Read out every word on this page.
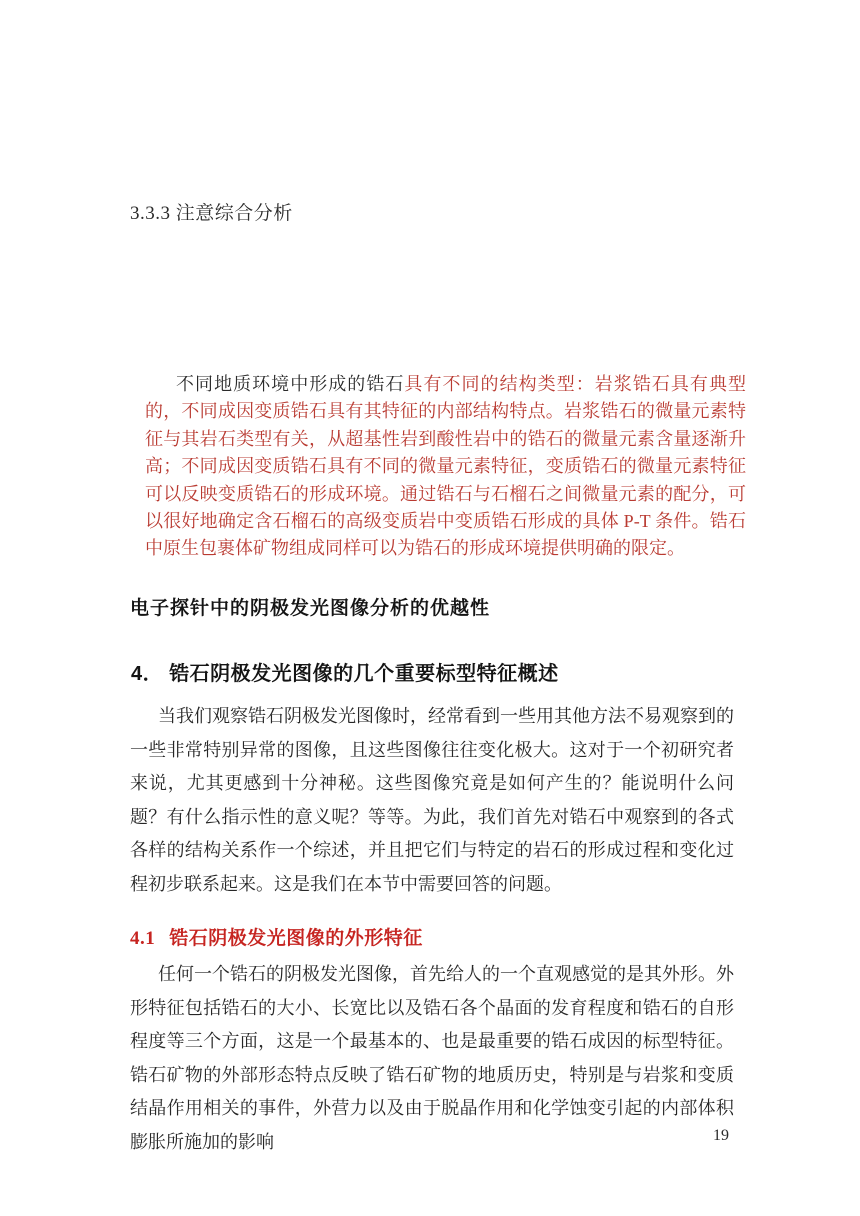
3.3.3 注意综合分析

不同地质环境中形成的锆石具有不同的结构类型：岩浆锆石具有典型的，不同成因变质锆石具有其特征的内部结构特点。岩浆锆石的微量元素特征与其岩石类型有关，从超基性岩到酸性岩中的锆石的微量元素含量逐渐升高；不同成因变质锆石具有不同的微量元素特征，变质锆石的微量元素特征可以反映变质锆石的形成环境。通过锆石与石榴石之间微量元素的配分，可以很好地确定含石榴石的高级变质岩中变质锆石形成的具体 P-T 条件。锆石中原生包裹体矿物组成同样可以为锆石的形成环境提供明确的限定。

电子探针中的阴极发光图像分析的优越性
4． 锆石阴极发光图像的几个重要标型特征概述

当我们观察锆石阴极发光图像时，经常看到一些用其他方法不易观察到的一些非常特别异常的图像，且这些图像往往变化极大。这对于一个初研究者来说，尤其更感到十分神秘。这些图像究竟是如何产生的？能说明什么问题？有什么指示性的意义呢？等等。为此，我们首先对锆石中观察到的各式各样的结构关系作一个综述，并且把它们与特定的岩石的形成过程和变化过程初步联系起来。这是我们在本节中需要回答的问题。

4.1 锆石阴极发光图像的外形特征

任何一个锆石的阴极发光图像，首先给人的一个直观感觉的是其外形。外形特征包括锆石的大小、长宽比以及锆石各个晶面的发育程度和锆石的自形程度等三个方面，这是一个最基本的、也是最重要的锆石成因的标型特征。锆石矿物的外部形态特点反映了锆石矿物的地质历史，特别是与岩浆和变质结晶作用相关的事件，外营力以及由于脱晶作用和化学蚀变引起的内部体积膨胀所施加的影响	19
